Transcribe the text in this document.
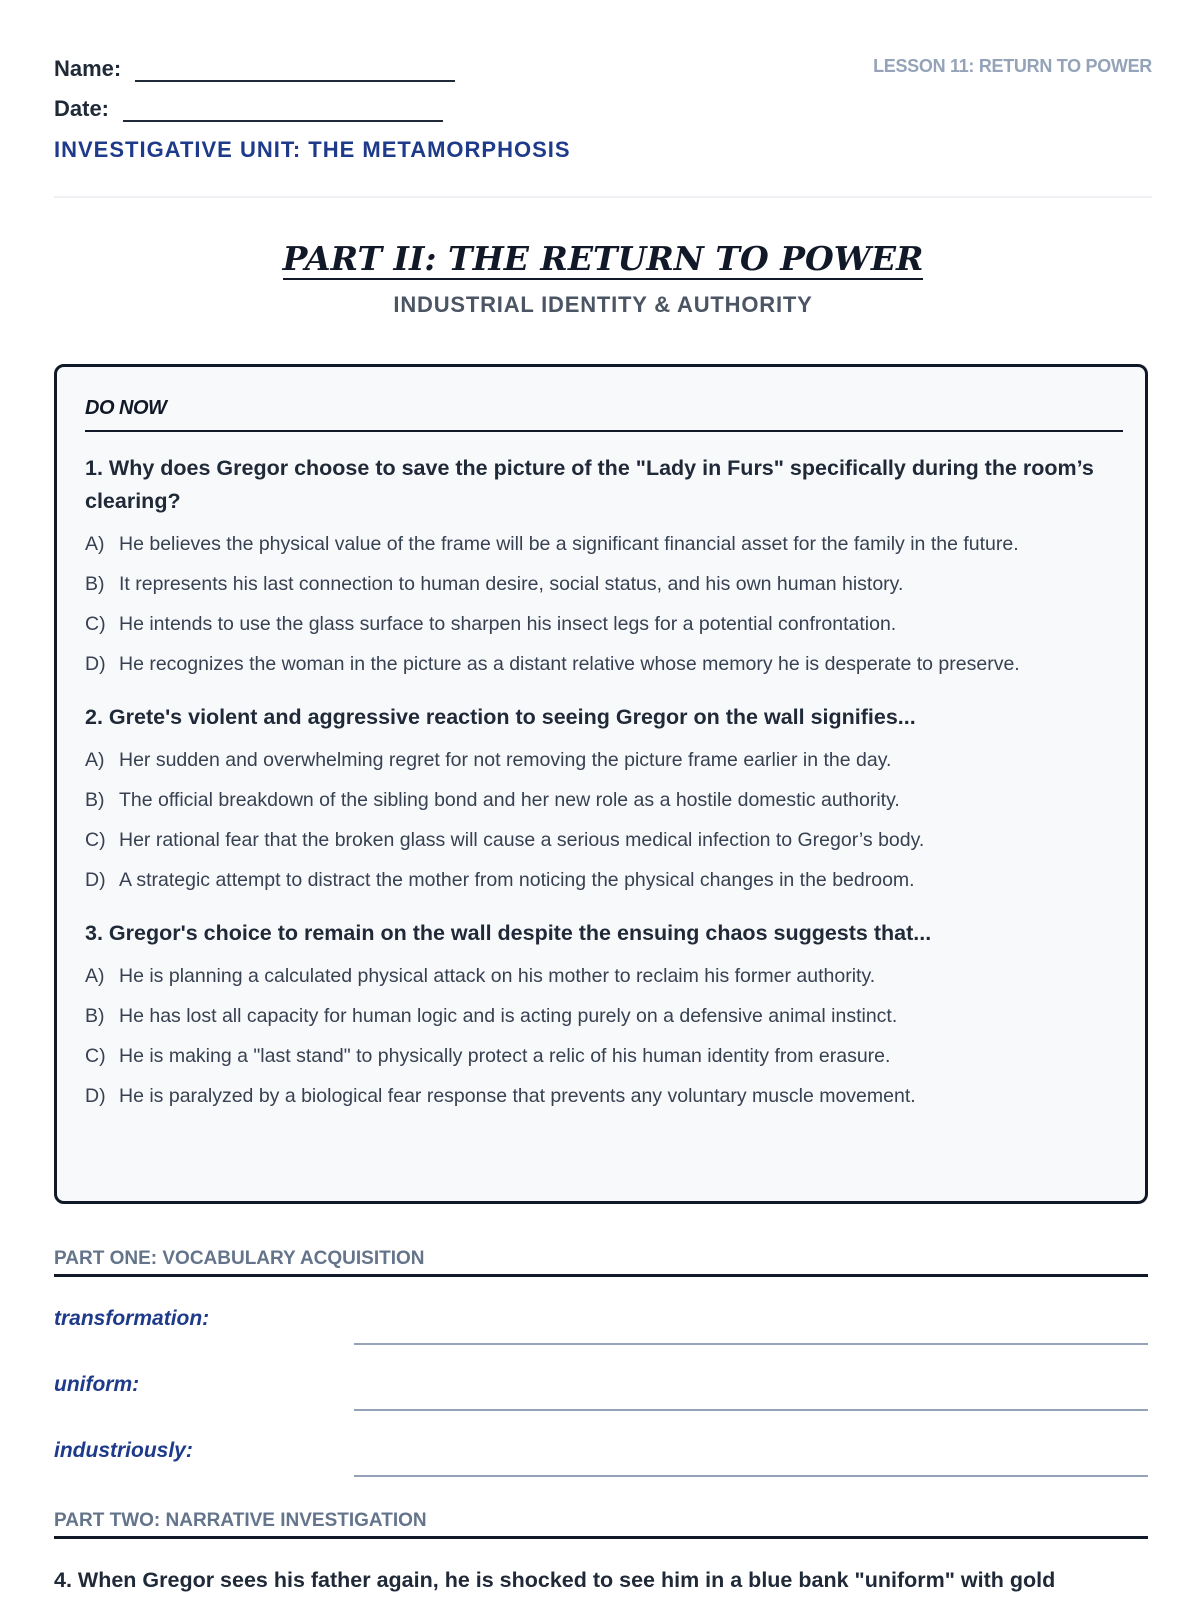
Name:
Date:
INVESTIGATIVE UNIT: THE METAMORPHOSIS
LESSON 11: RETURN TO POWER
PART II: THE RETURN TO POWER
INDUSTRIAL IDENTITY & AUTHORITY
DO NOW
1. Why does Gregor choose to save the picture of the "Lady in Furs" specifically during the room’s clearing?
A) He believes the physical value of the frame will be a significant financial asset for the family in the future.
B) It represents his last connection to human desire, social status, and his own human history.
C) He intends to use the glass surface to sharpen his insect legs for a potential confrontation.
D) He recognizes the woman in the picture as a distant relative whose memory he is desperate to preserve.
2. Grete's violent and aggressive reaction to seeing Gregor on the wall signifies...
A) Her sudden and overwhelming regret for not removing the picture frame earlier in the day.
B) The official breakdown of the sibling bond and her new role as a hostile domestic authority.
C) Her rational fear that the broken glass will cause a serious medical infection to Gregor’s body.
D) A strategic attempt to distract the mother from noticing the physical changes in the bedroom.
3. Gregor's choice to remain on the wall despite the ensuing chaos suggests that...
A) He is planning a calculated physical attack on his mother to reclaim his former authority.
B) He has lost all capacity for human logic and is acting purely on a defensive animal instinct.
C) He is making a "last stand" to physically protect a relic of his human identity from erasure.
D) He is paralyzed by a biological fear response that prevents any voluntary muscle movement.
PART ONE: VOCABULARY ACQUISITION
transformation:
uniform:
industriously:
PART TWO: NARRATIVE INVESTIGATION
4. When Gregor sees his father again, he is shocked to see him in a blue bank "uniform" with gold
